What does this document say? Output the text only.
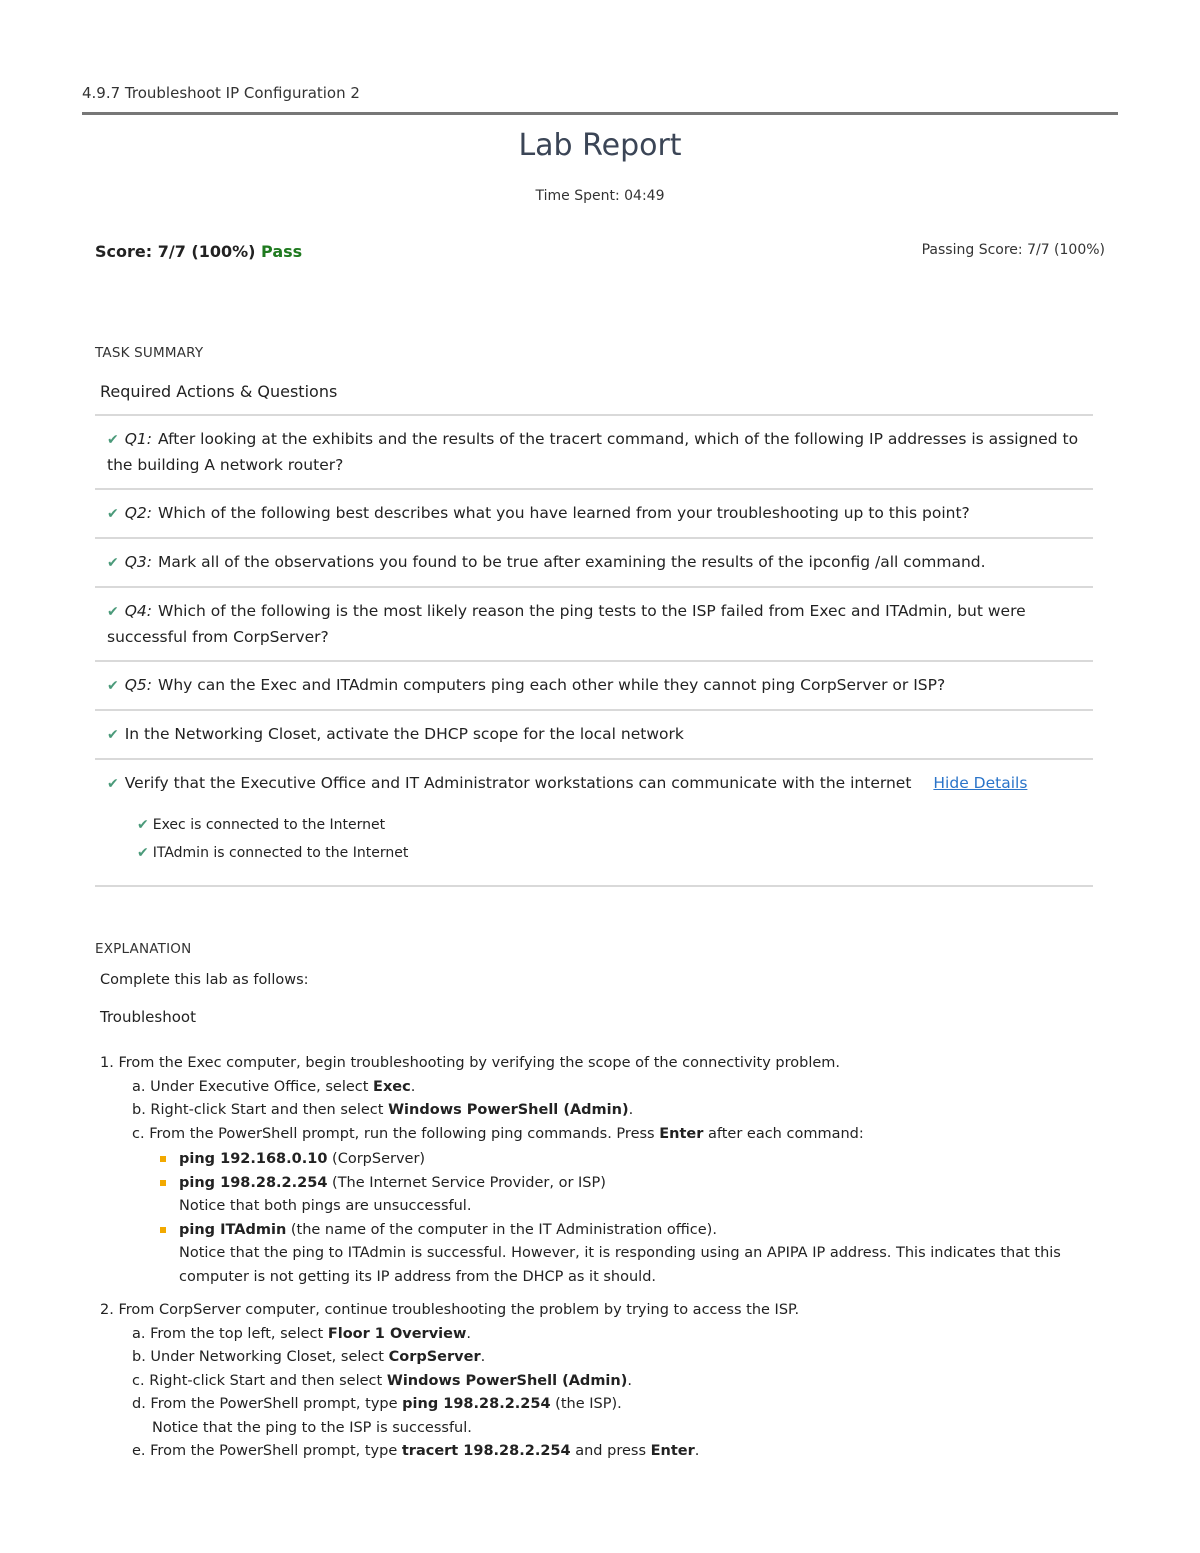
4.9.7 Troubleshoot IP Configuration 2
Lab Report
Time Spent: 04:49
Score: 7/7 (100%) Pass	Passing Score: 7/7 (100%)
TASK SUMMARY
Required Actions & Questions
✔ Q1: After looking at the exhibits and the results of the tracert command, which of the following IP addresses is assigned to the building A network router?
✔ Q2: Which of the following best describes what you have learned from your troubleshooting up to this point?
✔ Q3: Mark all of the observations you found to be true after examining the results of the ipconfig /all command.
✔ Q4: Which of the following is the most likely reason the ping tests to the ISP failed from Exec and ITAdmin, but were successful from CorpServer?
✔ Q5: Why can the Exec and ITAdmin computers ping each other while they cannot ping CorpServer or ISP?
✔ In the Networking Closet, activate the DHCP scope for the local network
✔ Verify that the Executive Office and IT Administrator workstations can communicate with the internet Hide Details
✔ Exec is connected to the Internet
✔ ITAdmin is connected to the Internet
EXPLANATION
Complete this lab as follows:
Troubleshoot
1. From the Exec computer, begin troubleshooting by verifying the scope of the connectivity problem.
a. Under Executive Office, select Exec.
b. Right-click Start and then select Windows PowerShell (Admin).
c. From the PowerShell prompt, run the following ping commands. Press Enter after each command:
ping 192.168.0.10 (CorpServer)
ping 198.28.2.254 (The Internet Service Provider, or ISP)
Notice that both pings are unsuccessful.
ping ITAdmin (the name of the computer in the IT Administration office).
Notice that the ping to ITAdmin is successful. However, it is responding using an APIPA IP address. This indicates that this computer is not getting its IP address from the DHCP as it should.
2. From CorpServer computer, continue troubleshooting the problem by trying to access the ISP.
a. From the top left, select Floor 1 Overview.
b. Under Networking Closet, select CorpServer.
c. Right-click Start and then select Windows PowerShell (Admin).
d. From the PowerShell prompt, type ping 198.28.2.254 (the ISP).
Notice that the ping to the ISP is successful.
e. From the PowerShell prompt, type tracert 198.28.2.254 and press Enter.
